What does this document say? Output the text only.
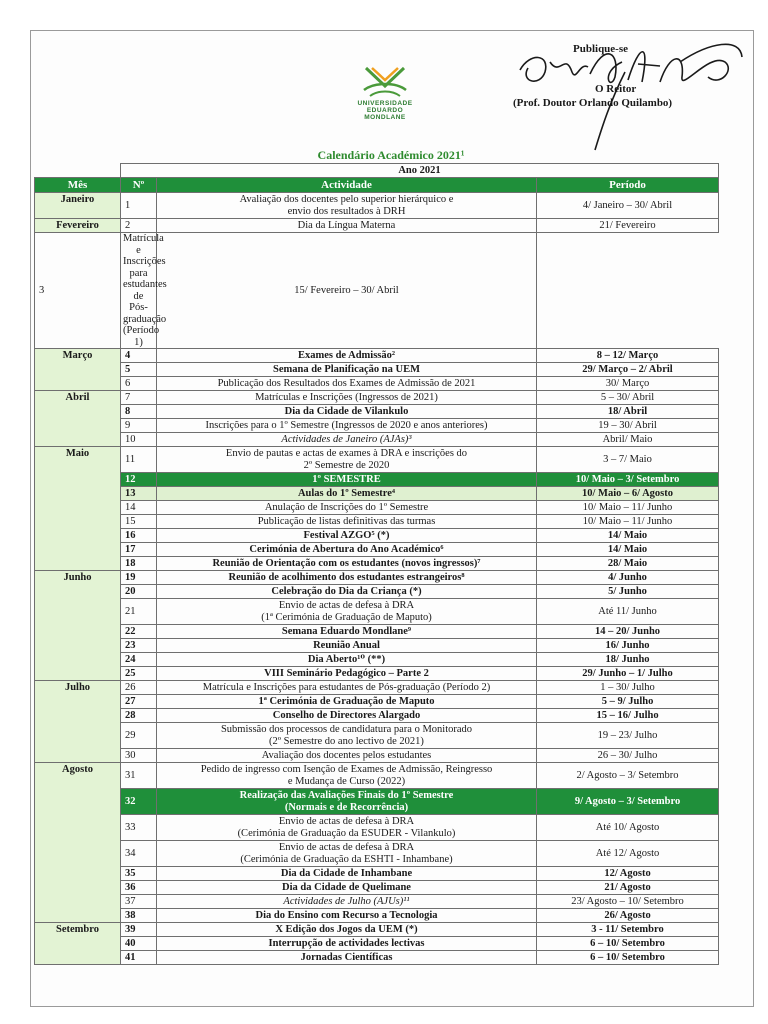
Publique-se
O Reitor
(Prof. Doutor Orlando Quilambo)
UNIVERSIDADE
EDUARDO
MONDLANE
Calendário Académico 2021¹
	Ano 2021		
Mês	Nº	Actividade	Período
Janeiro	1	Avaliação dos docentes pelo superior hierárquico e
envio dos resultados à DRH	4/ Janeiro – 30/ Abril
Fevereiro	2	Dia da Língua Materna	21/ Fevereiro
3	Matrícula e Inscrições para estudantes de Pós-graduação (Período 1)	15/ Fevereiro – 30/ Abril	
Março	4	Exames de Admissão²	8 – 12/ Março
	5	Semana de Planificação na UEM	29/ Março – 2/ Abril
	6	Publicação dos Resultados dos Exames de Admissão de 2021	30/ Março
Abril	7	Matrículas e Inscrições (Ingressos de 2021)	5 – 30/ Abril
	8	Dia da Cidade de Vilankulo	18/ Abril
	9	Inscrições para o 1º Semestre (Ingressos de 2020 e anos anteriores)	19 – 30/ Abril
	10	Actividades de Janeiro (AJAs)³	Abril/ Maio
Maio	11	Envio de pautas e actas de exames à DRA e inscrições do
2º Semestre de 2020	3 – 7/ Maio
	12	1º SEMESTRE	10/ Maio – 3/ Setembro
	13	Aulas do 1º Semestre⁴	10/ Maio – 6/ Agosto
	14	Anulação de Inscrições do 1º Semestre	10/ Maio – 11/ Junho
	15	Publicação de listas definitivas das turmas	10/ Maio – 11/ Junho
	16	Festival AZGO⁵ (*)	14/ Maio
	17	Cerimónia de Abertura do Ano Académico⁶	14/ Maio
	18	Reunião de Orientação com os estudantes (novos ingressos)⁷	28/ Maio
Junho	19	Reunião de acolhimento dos estudantes estrangeiros⁸	4/ Junho
	20	Celebração do Dia da Criança (*)	5/ Junho
	21	Envio de actas de defesa à DRA
(1ª Cerimónia de Graduação de Maputo)	Até 11/ Junho
	22	Semana Eduardo Mondlane⁹	14 – 20/ Junho
	23	Reunião Anual	16/ Junho
	24	Dia Aberto¹⁰ (**)	18/ Junho
	25	VIII Seminário Pedagógico – Parte 2	29/ Junho – 1/ Julho
Julho	26	Matrícula e Inscrições para estudantes de Pós-graduação (Período 2)	1 – 30/ Julho
	27	1ª Cerimónia de Graduação de Maputo	5 – 9/ Julho
	28	Conselho de Directores Alargado	15 – 16/ Julho
	29	Submissão dos processos de candidatura para o Monitorado
(2º Semestre do ano lectivo de 2021)	19 – 23/ Julho
	30	Avaliação dos docentes pelos estudantes	26 – 30/ Julho
Agosto	31	Pedido de ingresso com Isenção de Exames de Admissão, Reingresso
e Mudança de Curso (2022)	2/ Agosto – 3/ Setembro
	32	Realização das Avaliações Finais do 1º Semestre
(Normais e de Recorrência)	9/ Agosto – 3/ Setembro
	33	Envio de actas de defesa à DRA
(Cerimónia de Graduação da ESUDER - Vilankulo)	Até 10/ Agosto
	34	Envio de actas de defesa à DRA
(Cerimónia de Graduação da ESHTI - Inhambane)	Até 12/ Agosto
	35	Dia da Cidade de Inhambane	12/ Agosto
	36	Dia da Cidade de Quelimane	21/ Agosto
	37	Actividades de Julho (AJUs)¹¹	23/ Agosto – 10/ Setembro
	38	Dia do Ensino com Recurso a Tecnologia	26/ Agosto
Setembro	39	X Edição dos Jogos da UEM (*)	3 - 11/ Setembro
	40	Interrupção de actividades lectivas	6 – 10/ Setembro
	41	Jornadas Científicas	6 – 10/ Setembro
